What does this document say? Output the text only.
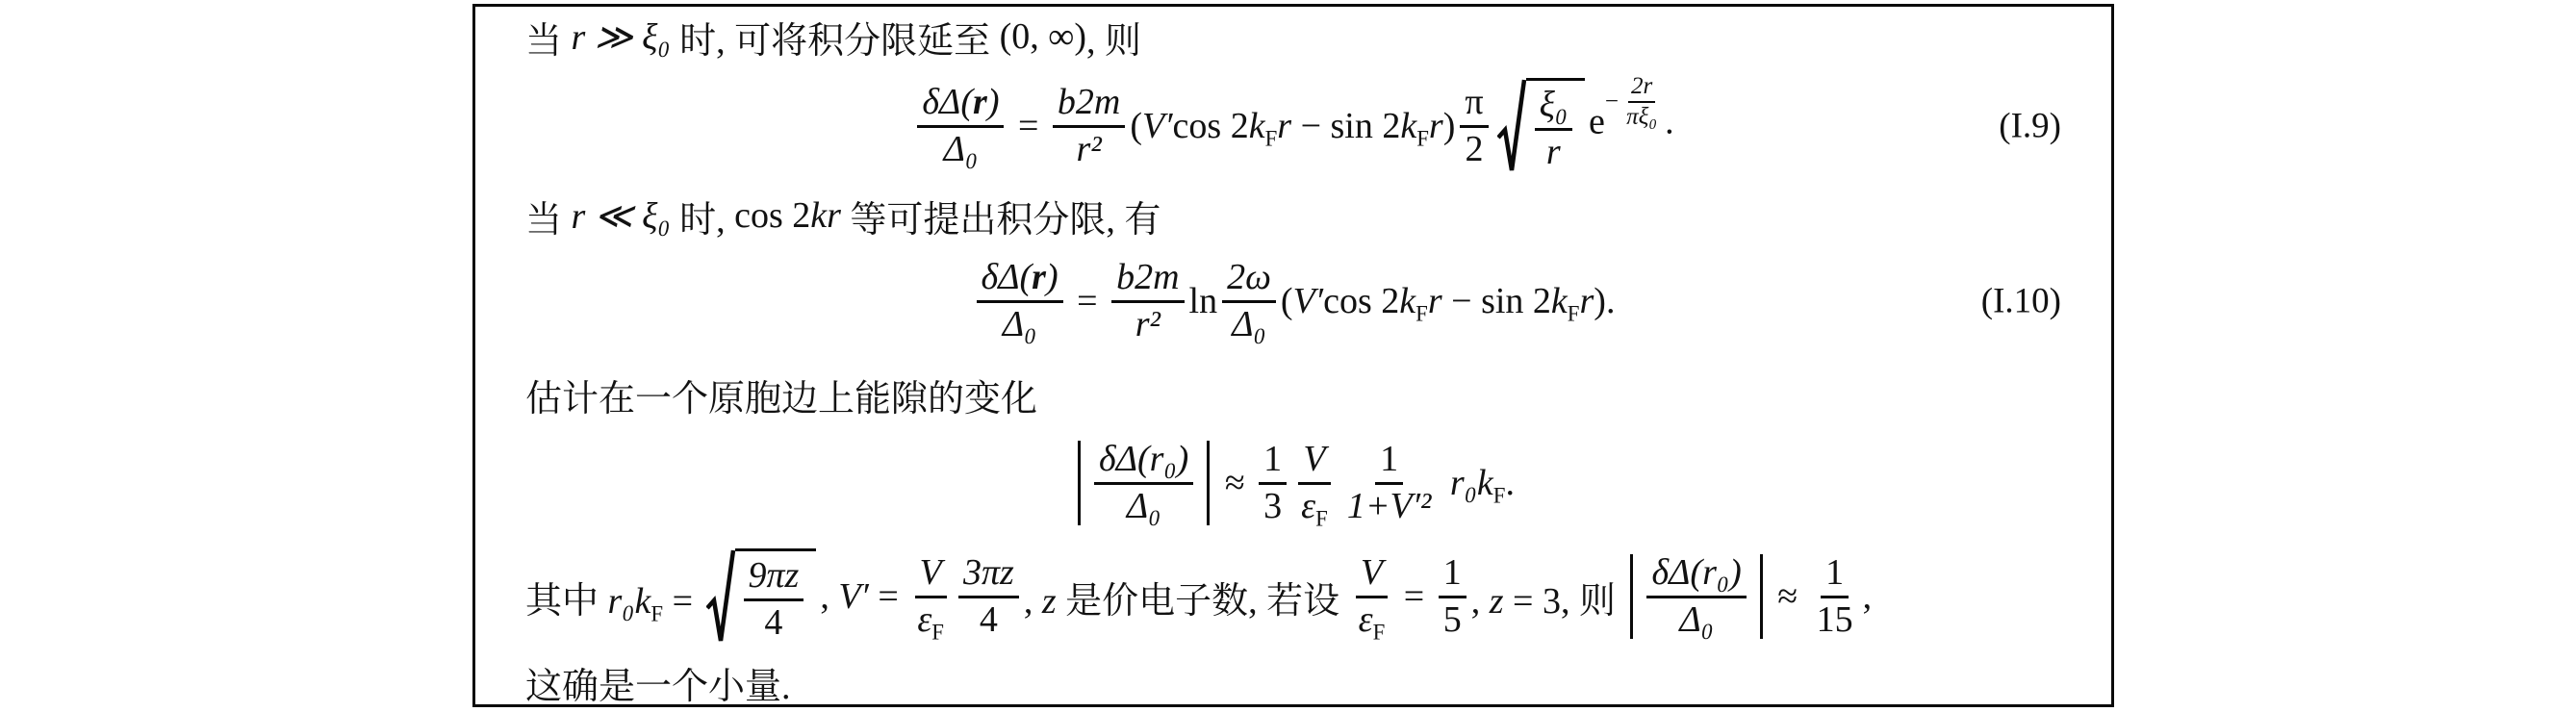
当 r ≫ ξ₀ 时, 可将积分限延至 (0, ∞) , 则
$\frac{\delta\Delta(r)}{\text{Δ₀}} = \frac{b2m}{\text{r²}} (V'\cos$ $2k_Fr - \sin 2k_Fr) \frac{\pi}{2} \frac{\text{ξ₀}}{r}$ $e - \frac{2r}{\text{πξ₀}}$ .	(I.9)
当 r ≪ ξ₀ 时, cos 2 kr 等可提出积分限, 有
$\frac{\delta\Delta(r)}{\text{Δ₀}} = \frac{b2m}{\text{r²}}$ $\ln \frac{2\omega}{\text{Δ₀}} (V'\cos$ $2k_Fr - \sin 2k_Fr$).	(I.10)
估计在一个原胞边上能隙的变化
$\frac{\text{δΔ(r₀)}}{\text{Δ₀}} \approx \frac{1}{3} \frac{V}{\varepsilon_F} \frac{1}{\text{1+V′²}} r_0k_F$.
其中 $r_0k_F = \frac{9\pi z}{4}$ , $V' = \frac{V}{\varepsilon_F} \frac{3\pi z}{4}$ , z 是价电子数, 若设 $\frac{V}{\varepsilon_F} = \frac{1}{5}$ , z = 3, 则 $\frac{\text{δΔ(r₀)}}{\text{Δ₀}} \approx \frac{1}{15}$ ,
这确是一个小量.
